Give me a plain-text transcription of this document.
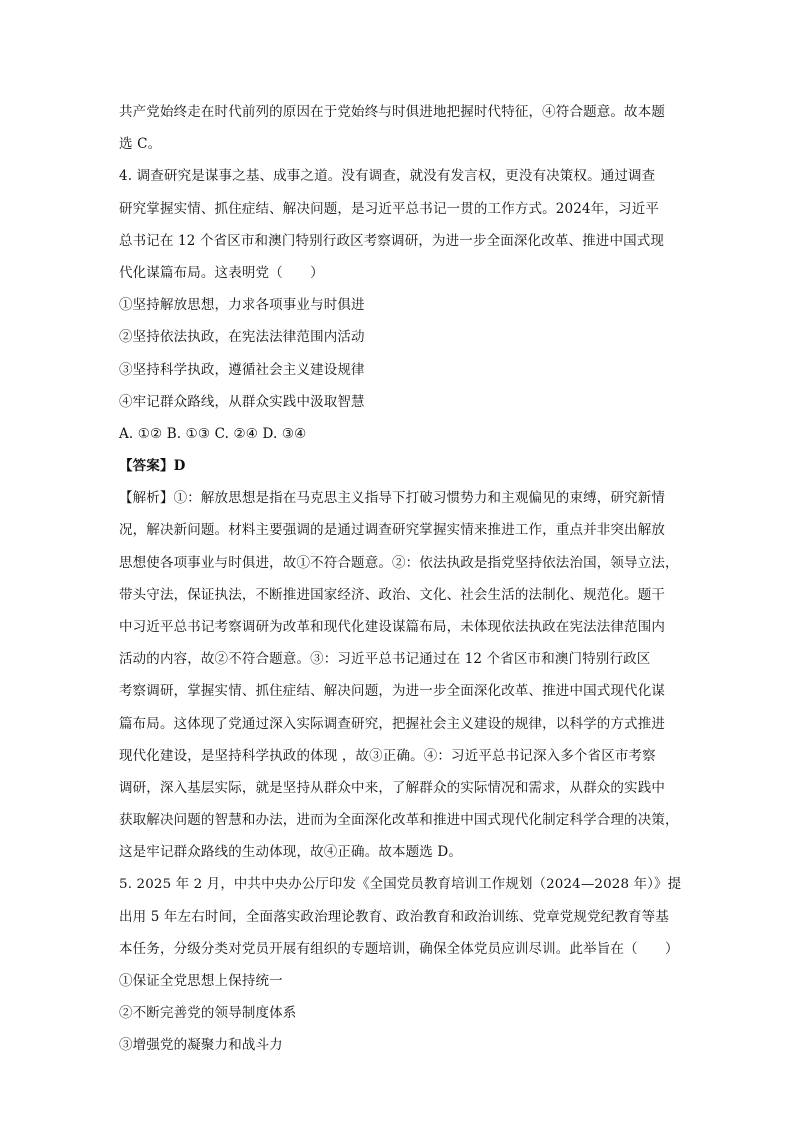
共产党始终走在时代前列的原因在于党始终与时俱进地把握时代特征，④符合题意。故本题
选 C。
4. 调查研究是谋事之基、成事之道。没有调查，就没有发言权，更没有决策权。通过调查
研究掌握实情、抓住症结、解决问题，是习近平总书记一贯的工作方式。2024年，习近平
总书记在 12 个省区市和澳门特别行政区考察调研，为进一步全面深化改革、推进中国式现
代化谋篇布局。这表明党（　　）
①坚持解放思想，力求各项事业与时俱进
②坚持依法执政，在宪法法律范围内活动
③坚持科学执政，遵循社会主义建设规律
④牢记群众路线，从群众实践中汲取智慧
A. ①② B. ①③ C. ②④ D. ③④
【答案】D
【解析】①：解放思想是指在马克思主义指导下打破习惯势力和主观偏见的束缚，研究新情
况，解决新问题。材料主要强调的是通过调查研究掌握实情来推进工作，重点并非突出解放
思想使各项事业与时俱进，故①不符合题意。②：依法执政是指党坚持依法治国，领导立法，
带头守法，保证执法，不断推进国家经济、政治、文化、社会生活的法制化、规范化。题干
中习近平总书记考察调研为改革和现代化建设谋篇布局，未体现依法执政在宪法法律范围内
活动的内容，故②不符合题意。③：习近平总书记通过在 12 个省区市和澳门特别行政区
考察调研，掌握实情、抓住症结、解决问题，为进一步全面深化改革、推进中国式现代化谋
篇布局。这体现了党通过深入实际调查研究，把握社会主义建设的规律，以科学的方式推进
现代化建设，是坚持科学执政的体现 ，故③正确。④：习近平总书记深入多个省区市考察
调研，深入基层实际，就是坚持从群众中来，了解群众的实际情况和需求，从群众的实践中
获取解决问题的智慧和办法，进而为全面深化改革和推进中国式现代化制定科学合理的决策，
这是牢记群众路线的生动体现，故④正确。故本题选 D。
5. 2025 年 2 月，中共中央办公厅印发《全国党员教育培训工作规划（2024—2028 年）》提
出用 5 年左右时间，全面落实政治理论教育、政治教育和政治训练、党章党规党纪教育等基
本任务，分级分类对党员开展有组织的专题培训，确保全体党员应训尽训。此举旨在（　　）
①保证全党思想上保持统一
②不断完善党的领导制度体系
③增强党的凝聚力和战斗力
